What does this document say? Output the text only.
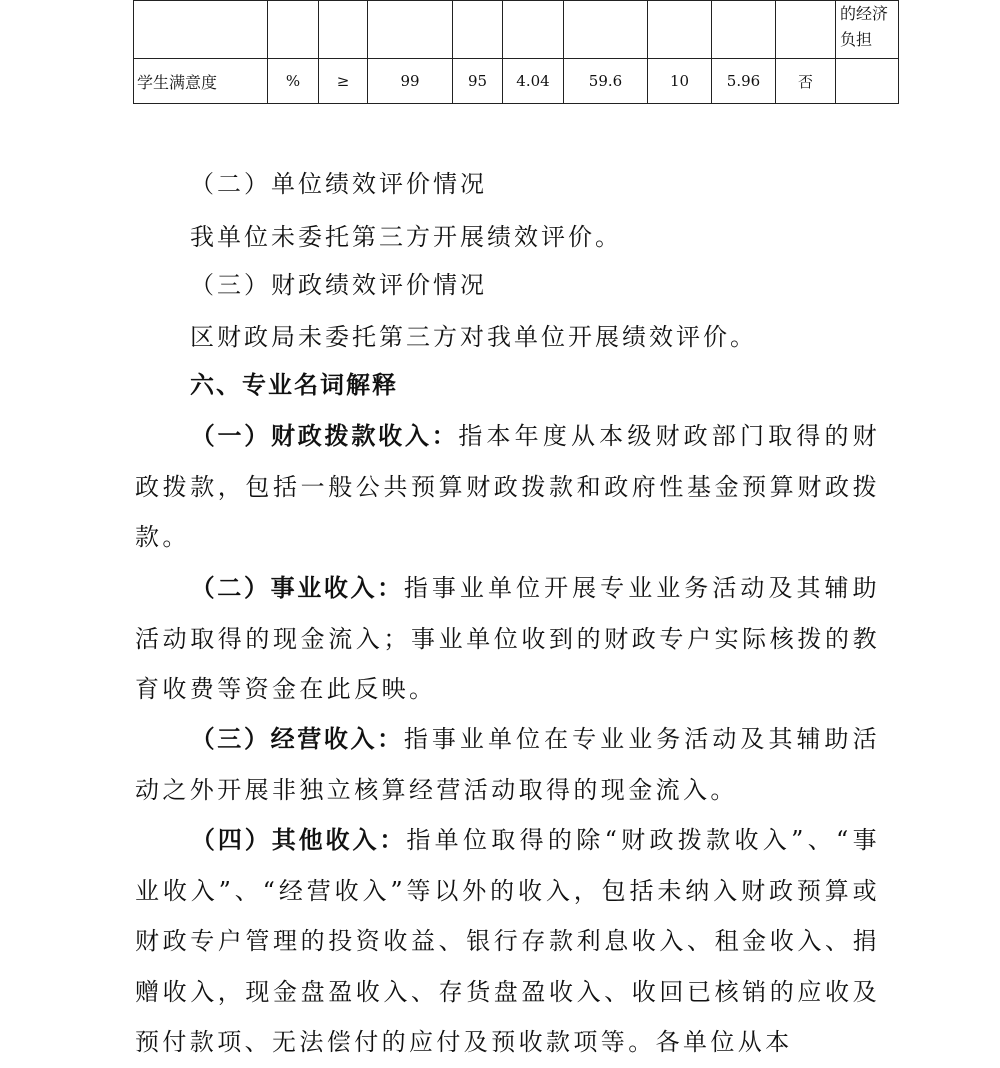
										的经济
负担
学生满意度	%	≥	99	95	4.04	59.6	10	5.96	否	

（二）单位绩效评价情况

我单位未委托第三方开展绩效评价。

（三）财政绩效评价情况

区财政局未委托第三方对我单位开展绩效评价。

六、专业名词解释

（一）财政拨款收入：指本年度从本级财政部门取得的财政拨款，包括一般公共预算财政拨款和政府性基金预算财政拨款。

（二）事业收入：指事业单位开展专业业务活动及其辅助活动取得的现金流入；事业单位收到的财政专户实际核拨的教育收费等资金在此反映。

（三）经营收入：指事业单位在专业业务活动及其辅助活动之外开展非独立核算经营活动取得的现金流入。

（四）其他收入：指单位取得的除“财政拨款收入”、“事业收入”、“经营收入”等以外的收入，包括未纳入财政预算或财政专户管理的投资收益、银行存款利息收入、租金收入、捐赠收入，现金盘盈收入、存货盘盈收入、收回已核销的应收及预付款项、无法偿付的应付及预收款项等。各单位从本
